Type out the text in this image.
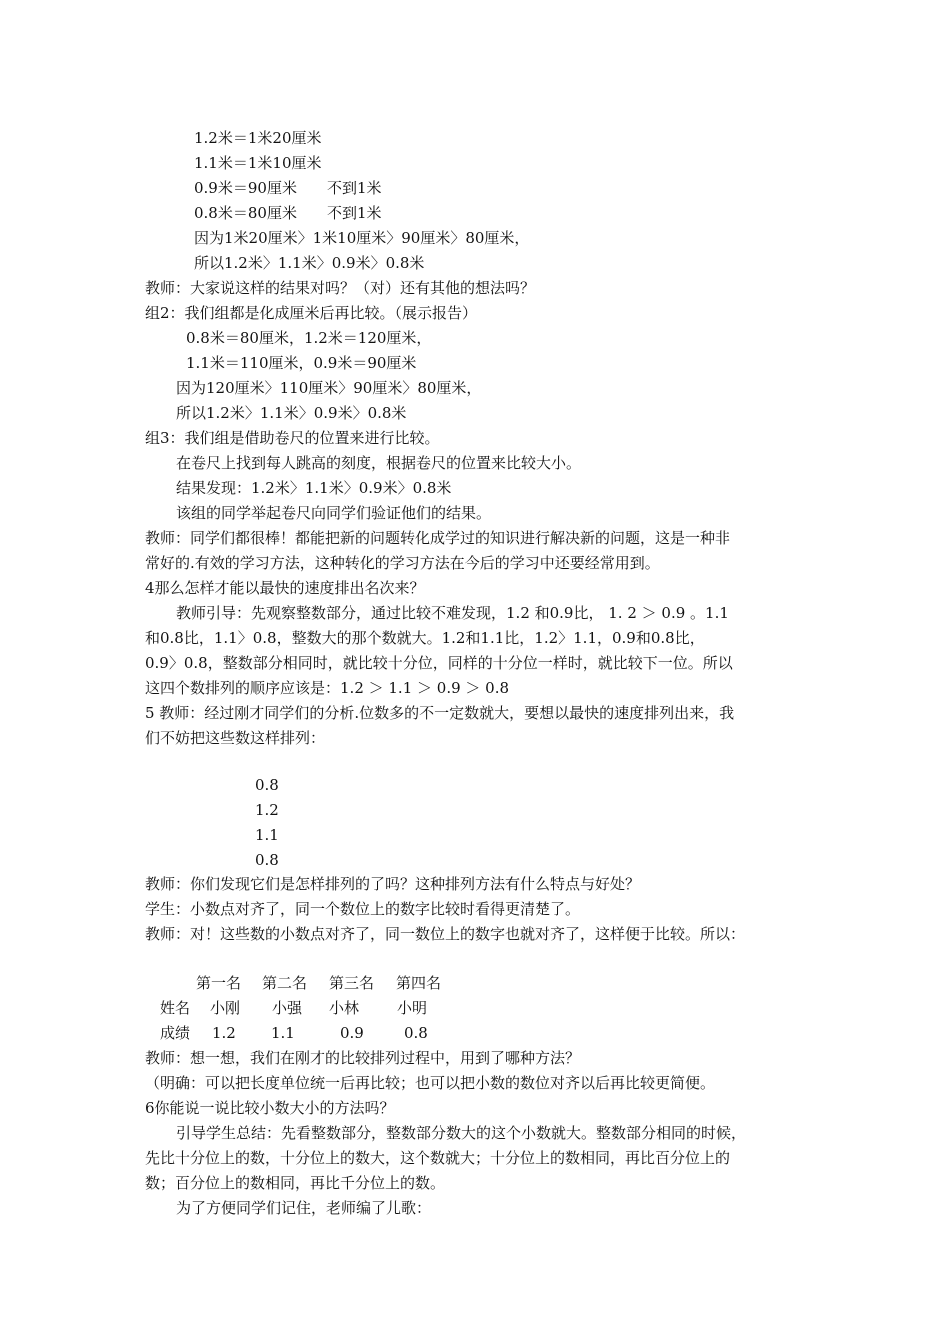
1.2米＝1米20厘米
1.1米＝1米10厘米
0.9米＝90厘米　　不到1米
0.8米＝80厘米　　不到1米
因为1米20厘米〉1米10厘米〉90厘米〉80厘米，
所以1.2米〉1.1米〉0.9米〉0.8米
教师：大家说这样的结果对吗？（对）还有其他的想法吗？
组2：我们组都是化成厘米后再比较。（展示报告）
0.8米＝80厘米，1.2米＝120厘米，
1.1米＝110厘米，0.9米＝90厘米
因为120厘米〉110厘米〉90厘米〉80厘米，
所以1.2米〉1.1米〉0.9米〉0.8米
组3：我们组是借助卷尺的位置来进行比较。
在卷尺上找到每人跳高的刻度，根据卷尺的位置来比较大小。
结果发现：1.2米〉1.1米〉0.9米〉0.8米
该组的同学举起卷尺向同学们验证他们的结果。
教师：同学们都很棒！都能把新的问题转化成学过的知识进行解决新的问题，这是一种非
常好的.有效的学习方法，这种转化的学习方法在今后的学习中还要经常用到。
4那么怎样才能以最快的速度排出名次来？
教师引导：先观察整数部分，通过比较不难发现，1.2 和0.9比， 1. 2 ＞ 0.9 。1.1
和0.8比，1.1〉0.8，整数大的那个数就大。1.2和1.1比，1.2〉1.1，0.9和0.8比，
0.9〉0.8，整数部分相同时，就比较十分位，同样的十分位一样时，就比较下一位。所以
这四个数排列的顺序应该是：1.2 ＞ 1.1 ＞ 0.9 ＞ 0.8
5 教师：经过刚才同学们的分析.位数多的不一定数就大，要想以最快的速度排列出来，我
们不妨把这些数这样排列：
0.8
1.2
1.1
0.8
教师：你们发现它们是怎样排列的了吗？这种排列方法有什么特点与好处？
学生：小数点对齐了，同一个数位上的数字比较时看得更清楚了。
教师：对！这些数的小数点对齐了，同一数位上的数字也就对齐了，这样便于比较。所以：
第一名 第二名 第三名 第四名
姓名 小刚 小强 小林	小明
成绩 1.2 1.1	0.9	0.8
教师：想一想，我们在刚才的比较排列过程中，用到了哪种方法？
（明确：可以把长度单位统一后再比较；也可以把小数的数位对齐以后再比较更简便。
6你能说一说比较小数大小的方法吗？
引导学生总结：先看整数部分，整数部分数大的这个小数就大。整数部分相同的时候，
先比十分位上的数，十分位上的数大，这个数就大；十分位上的数相同，再比百分位上的
数；百分位上的数相同，再比千分位上的数。
为了方便同学们记住，老师编了儿歌：
